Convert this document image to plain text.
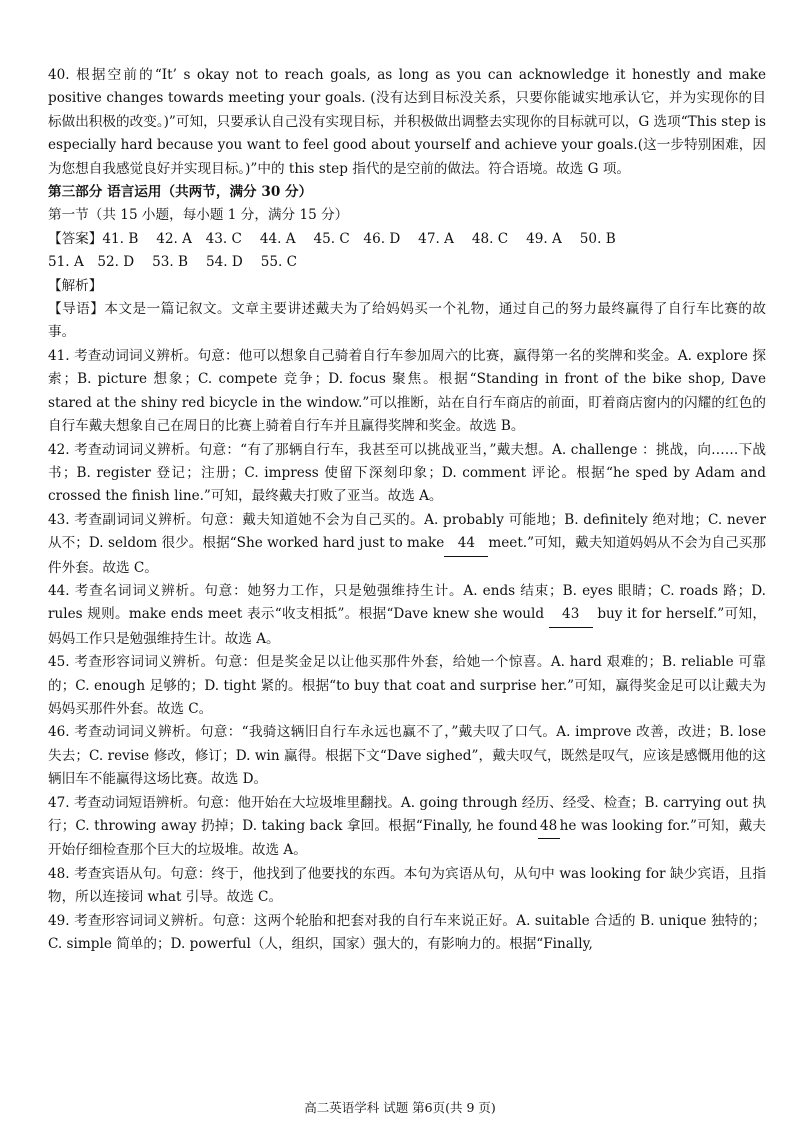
40. 根据空前的“It’ s okay not to reach goals, as long as you can acknowledge it honestly and make positive changes towards meeting your goals. (没有达到目标没关系，只要你能诚实地承认它，并为实现你的目标做出积极的改变。)”可知，只要承认自己没有实现目标，并积极做出调整去实现你的目标就可以，G 选项“This step is especially hard because you want to feel good about yourself and achieve your goals.(这一步特别困难，因为您想自我感觉良好并实现目标。)”中的 this step 指代的是空前的做法。符合语境。故选 G 项。

第三部分 语言运用（共两节，满分 30 分）

第一节（共 15 小题，每小题 1 分，满分 15 分）

【答案】41. B　 42. A　43. C　 44. A　 45. C　46. D　 47. A　 48. C　 49. A　 50. B

51. A　52. D　 53. B　 54. D　 55. C

【解析】

【导语】本文是一篇记叙文。文章主要讲述戴夫为了给妈妈买一个礼物，通过自己的努力最终赢得了自行车比赛的故事。

41. 考查动词词义辨析。句意：他可以想象自己骑着自行车参加周六的比赛，赢得第一名的奖牌和奖金。A. explore 探索；B. picture 想象；C. compete 竞争；D. focus 聚焦。根据“Standing in front of the bike shop, Dave stared at the shiny red bicycle in the window.”可以推断，站在自行车商店的前面，盯着商店窗内的闪耀的红色的自行车戴夫想象自己在周日的比赛上骑着自行车并且赢得奖牌和奖金。故选 B。

42. 考查动词词义辨析。句意：“有了那辆自行车，我甚至可以挑战亚当，”戴夫想。A. challenge ：挑战，向……下战书；B. register 登记；注册；C. impress 使留下深刻印象；D. comment 评论。根据“he sped by Adam and crossed the finish line.”可知，最终戴夫打败了亚当。故选 A。

43. 考查副词词义辨析。句意：戴夫知道她不会为自己买的。A. probably 可能地；B. definitely 绝对地；C. never 从不；D. seldom 很少。根据“She worked hard just to make 44 meet.”可知，戴夫知道妈妈从不会为自己买那件外套。故选 C。

44. 考查名词词义辨析。句意：她努力工作，只是勉强维持生计。A. ends 结束；B. eyes 眼睛；C. roads 路；D. rules 规则。make ends meet 表示“收支相抵”。根据“Dave knew she would 43 buy it for herself.”可知，妈妈工作只是勉强维持生计。故选 A。

45. 考查形容词词义辨析。句意：但是奖金足以让他买那件外套，给她一个惊喜。A. hard 艰难的；B. reliable 可靠的；C. enough 足够的；D. tight 紧的。根据“to buy that coat and surprise her.”可知，赢得奖金足可以让戴夫为妈妈买那件外套。故选 C。

46. 考查动词词义辨析。句意：“我骑这辆旧自行车永远也赢不了，”戴夫叹了口气。A. improve 改善，改进；B. lose 失去；C. revise 修改，修订；D. win 赢得。根据下文“Dave sighed”，戴夫叹气，既然是叹气，应该是感慨用他的这辆旧车不能赢得这场比赛。故选 D。

47. 考查动词短语辨析。句意：他开始在大垃圾堆里翻找。A. going through 经历、经受、检查；B. carrying out 执行；C. throwing away 扔掉；D. taking back 拿回。根据“Finally, he found 48 he was looking for.”可知，戴夫开始仔细检查那个巨大的垃圾堆。故选 A。

48. 考查宾语从句。句意：终于，他找到了他要找的东西。本句为宾语从句，从句中 was looking for 缺少宾语，且指物，所以连接词 what 引导。故选 C。

49. 考查形容词词义辨析。句意：这两个轮胎和把套对我的自行车来说正好。A. suitable 合适的 B. unique 独特的；C. simple 简单的；D. powerful（人，组织，国家）强大的，有影响力的。根据“Finally,

高二英语学科 试题 第6页(共 9 页)
